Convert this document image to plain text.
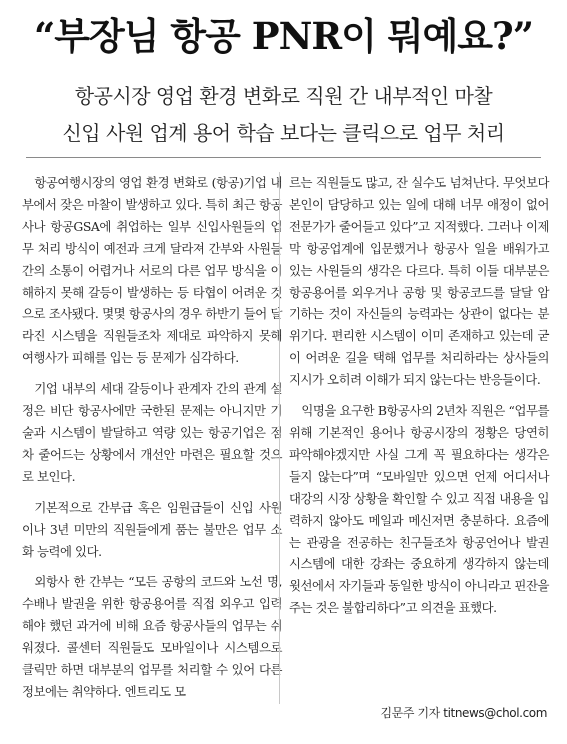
“부장님 항공 PNR이 뭐예요?”
항공시장 영업 환경 변화로 직원 간 내부적인 마찰
신입 사원 업계 용어 학습 보다는 클릭으로 업무 처리

항공여행시장의 영업 환경 변화로 (항공)기업 내부에서 잦은 마찰이 발생하고 있다. 특히 최근 항공사나 항공GSA에 취업하는 일부 신입사원들의 업무 처리 방식이 예전과 크게 달라져 간부와 사원들 간의 소통이 어렵거나 서로의 다른 업무 방식을 이해하지 못해 갈등이 발생하는 등 타협이 어려운 것으로 조사됐다. 몇몇 항공사의 경우 하반기 들어 달라진 시스템을 직원들조차 제대로 파악하지 못해 여행사가 피해를 입는 등 문제가 심각하다.

기업 내부의 세대 갈등이나 관계자 간의 관계 설정은 비단 항공사에만 국한된 문제는 아니지만 기술과 시스템이 발달하고 역량 있는 항공기업은 점차 줄어드는 상황에서 개선안 마련은 필요할 것으로 보인다.

기본적으로 간부급 혹은 임원급들이 신입 사원이나 3년 미만의 직원들에게 품는 불만은 업무 소화 능력에 있다.

외항사 한 간부는 “모든 공항의 코드와 노선 명, 수배나 발권을 위한 항공용어를 직접 외우고 입력해야 했던 과거에 비해 요즘 항공사들의 업무는 쉬워졌다. 콜센터 직원들도 모바일이나 시스템으로 클릭만 하면 대부분의 업무를 처리할 수 있어 다른 정보에는 취약하다. 엔트리도 모

르는 직원들도 많고, 잔 실수도 넘쳐난다. 무엇보다 본인이 담당하고 있는 일에 대해 너무 애정이 없어 전문가가 줄어들고 있다”고 지적했다. 그러나 이제 막 항공업계에 입문했거나 항공사 일을 배워가고 있는 사원들의 생각은 다르다. 특히 이들 대부분은 항공용어를 외우거나 공항 및 항공코드를 달달 암기하는 것이 자신들의 능력과는 상관이 없다는 분위기다. 편리한 시스템이 이미 존재하고 있는데 굳이 어려운 길을 택해 업무를 처리하라는 상사들의 지시가 오히려 이해가 되지 않는다는 반응들이다.

익명을 요구한 B항공사의 2년차 직원은 “업무를 위해 기본적인 용어나 항공시장의 정황은 당연히 파악해야겠지만 사실 그게 꼭 필요하다는 생각은 들지 않는다”며 “모바일만 있으면 언제 어디서나 대강의 시장 상황을 확인할 수 있고 직접 내용을 입력하지 않아도 메일과 메신저면 충분하다. 요즘에는 관광을 전공하는 친구들조차 항공언어나 발권 시스템에 대한 강좌는 중요하게 생각하지 않는데 윗선에서 자기들과 동일한 방식이 아니라고 핀잔을 주는 것은 불합리하다”고 의견을 표했다.

김문주 기자 titnews@chol.com
